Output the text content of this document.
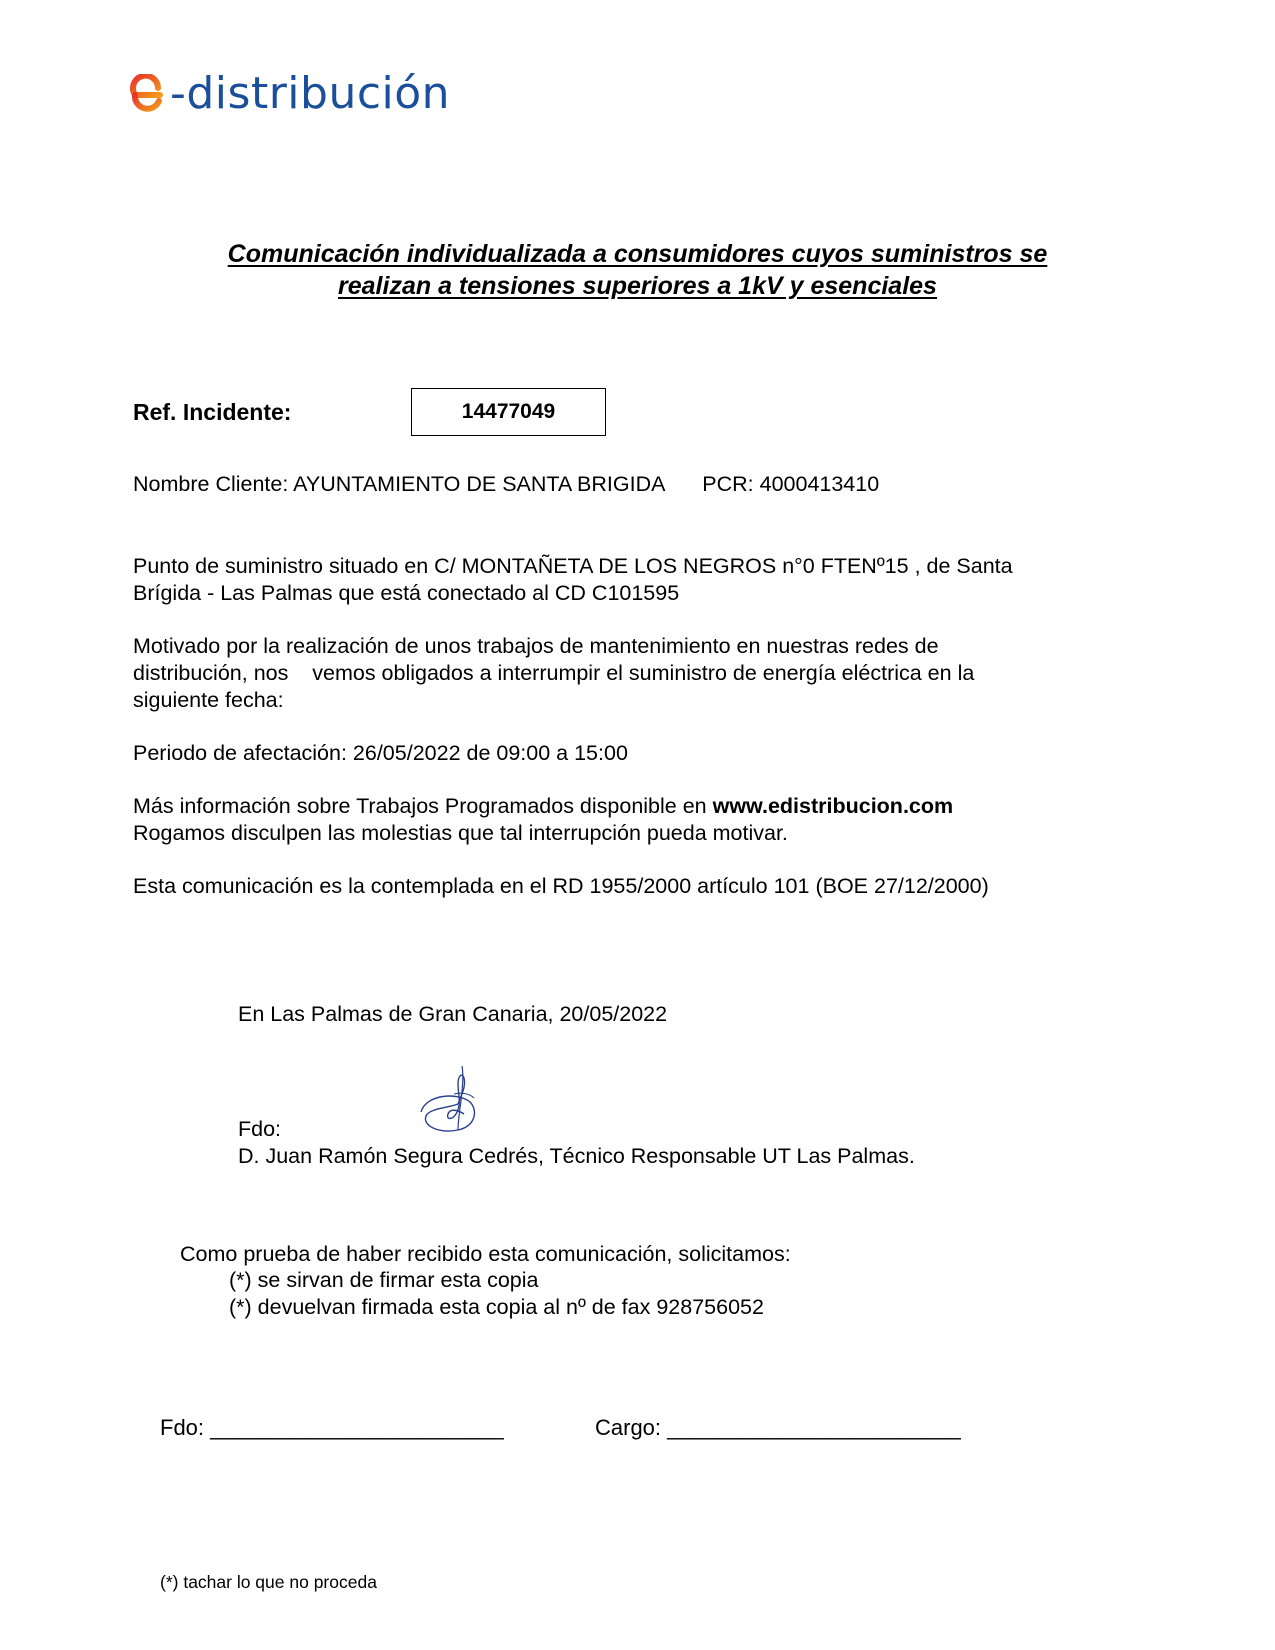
-distribución
Comunicación individualizada a consumidores cuyos suministros se
realizan a tensiones superiores a 1kV y esenciales
Ref. Incidente:	14477049
Nombre Cliente: AYUNTAMIENTO DE SANTA BRIGIDA PCR: 4000413410
Punto de suministro situado en C/ MONTAÑETA DE LOS NEGROS n°0 FTENº15 , de Santa
Brígida - Las Palmas que está conectado al CD C101595
Motivado por la realización de unos trabajos de mantenimiento en nuestras redes de
distribución, nos    vemos obligados a interrumpir el suministro de energía eléctrica en la
siguiente fecha:
Periodo de afectación: 26/05/2022 de 09:00 a 15:00
Más información sobre Trabajos Programados disponible en www.edistribucion.com
Rogamos disculpen las molestias que tal interrupción pueda motivar.
Esta comunicación es la contemplada en el RD 1955/2000 artículo 101 (BOE 27/12/2000)
En Las Palmas de Gran Canaria, 20/05/2022
Fdo:
D. Juan Ramón Segura Cedrés, Técnico Responsable UT Las Palmas.
Como prueba de haber recibido esta comunicación, solicitamos:
(*) se sirvan de firmar esta copia
(*) devuelvan firmada esta copia al nº de fax 928756052
Fdo: ________________________	Cargo: ________________________
(*) tachar lo que no proceda
